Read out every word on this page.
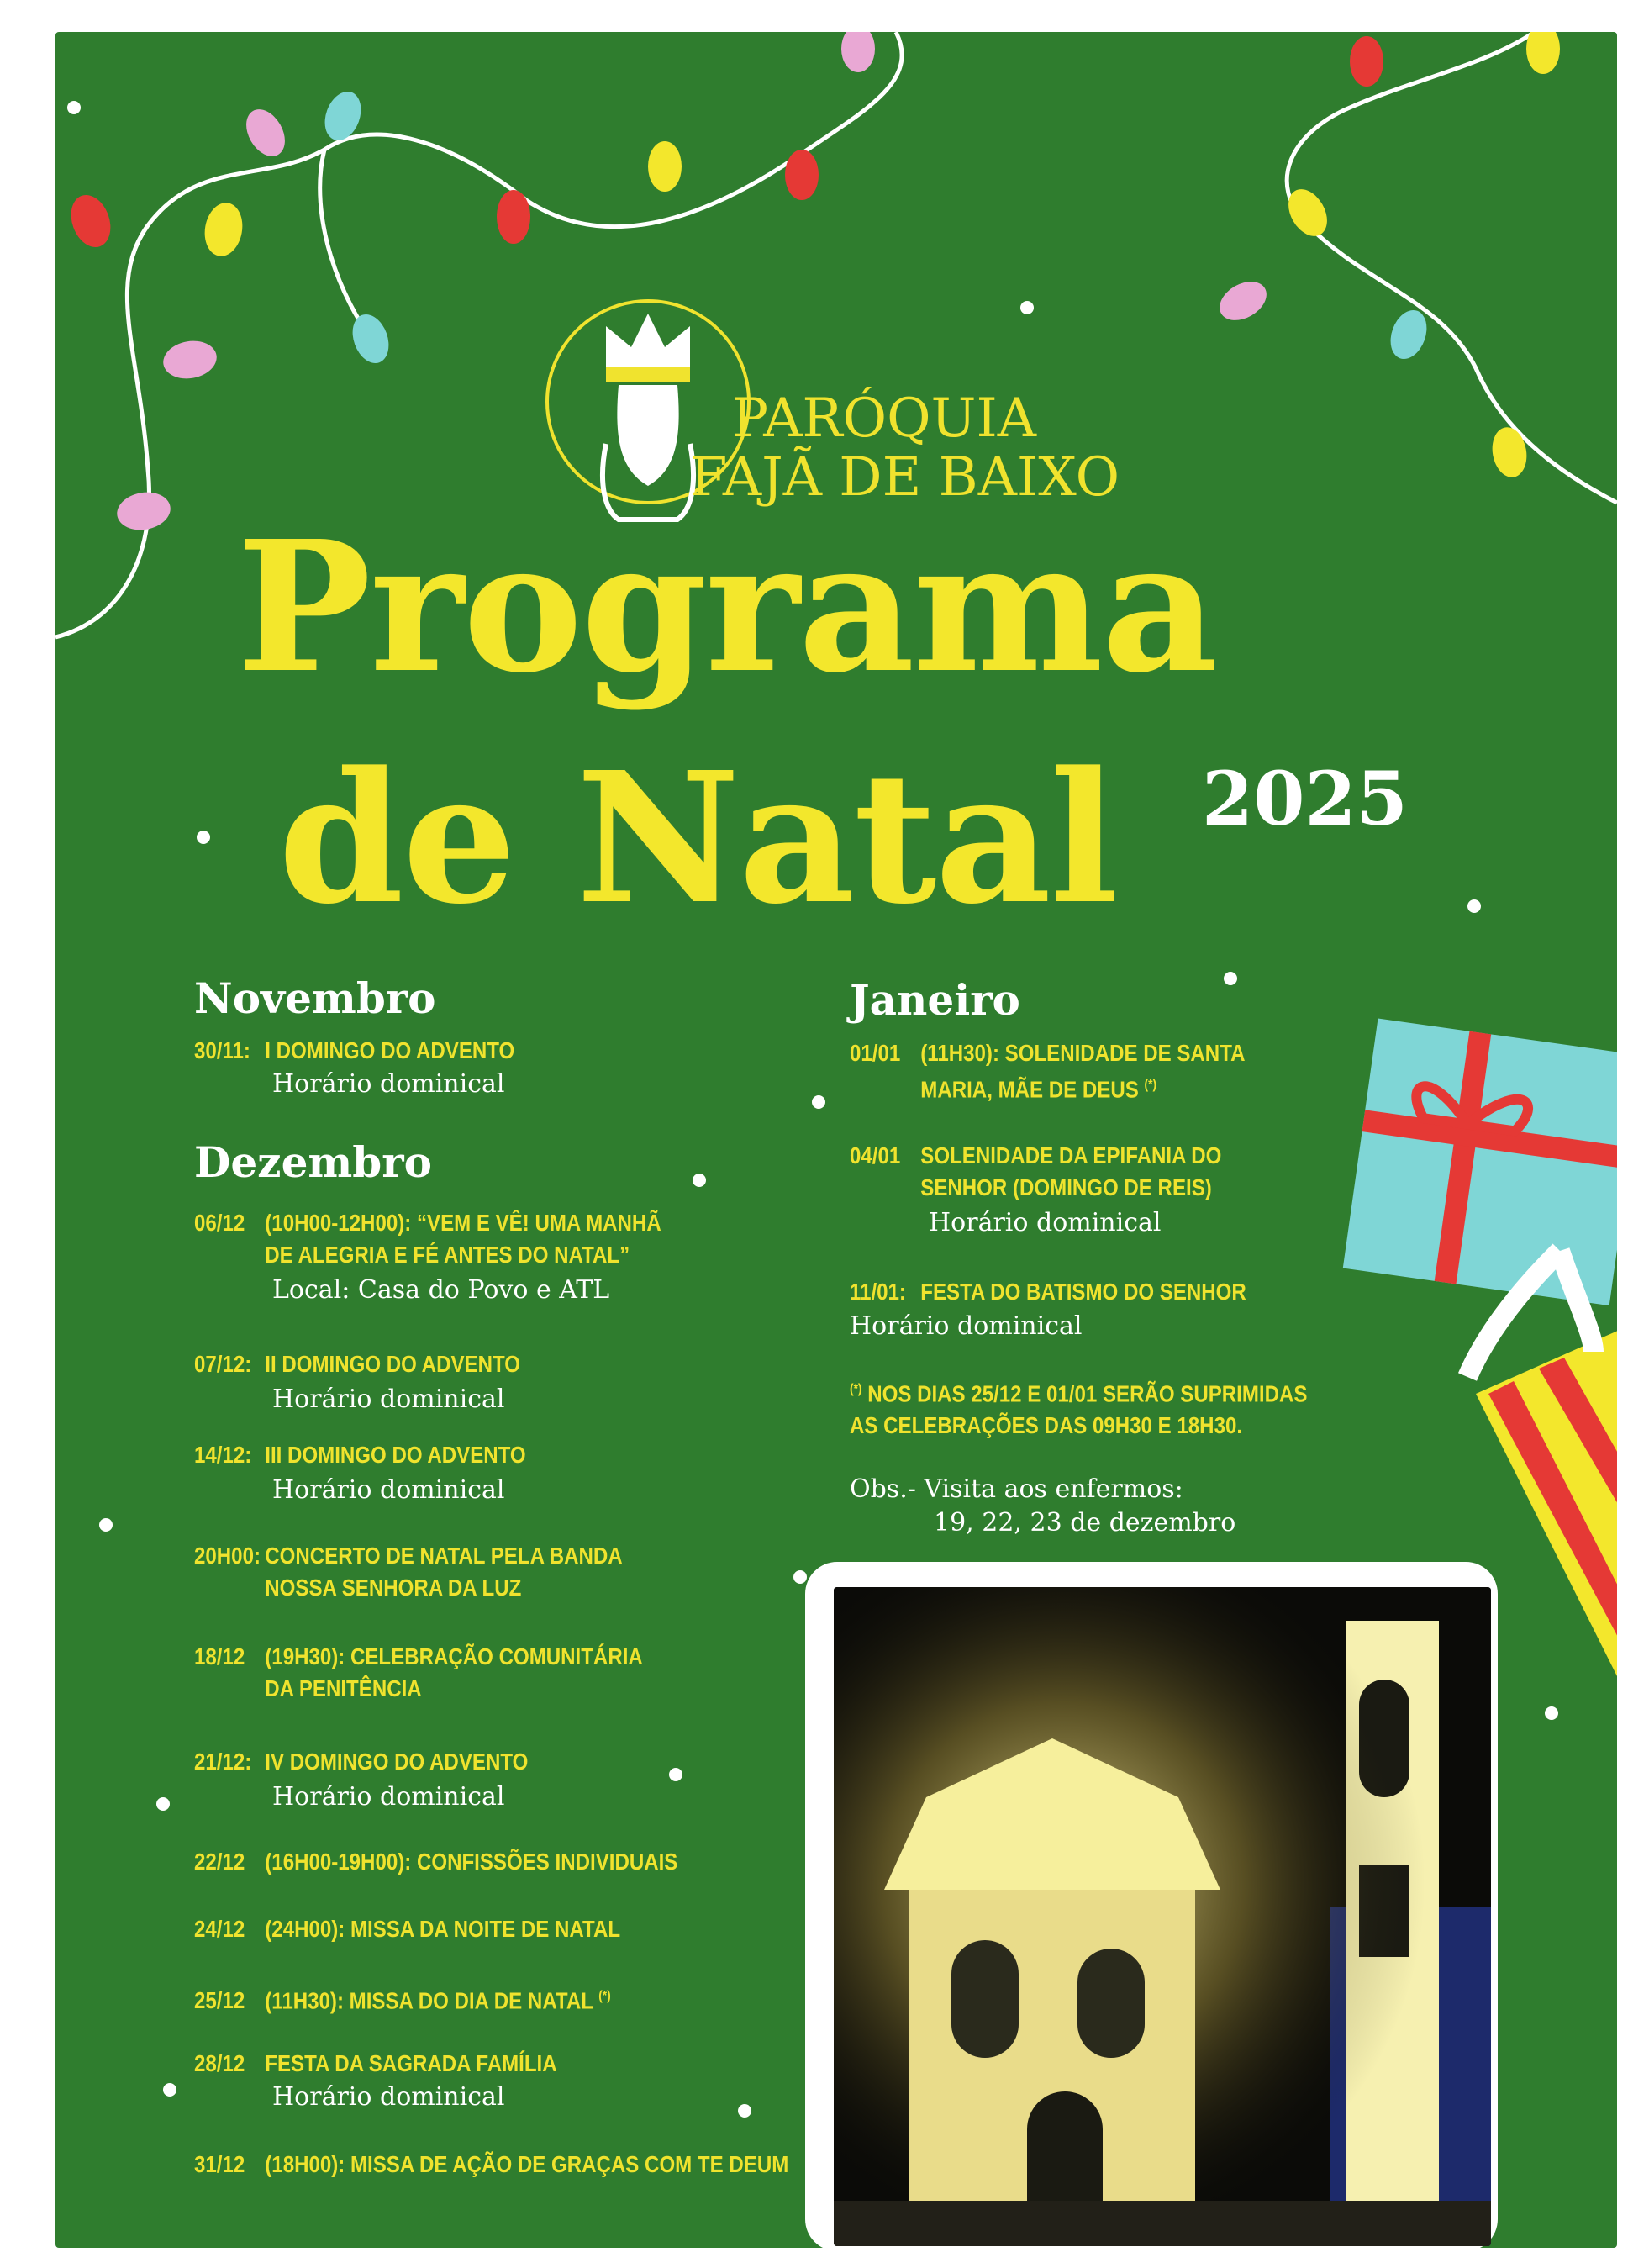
PARÓQUIA
FAJÃ DE BAIXO
Programa
de Natal 2025
Novembro
30/11: I DOMINGO DO ADVENTO
Horário dominical
Dezembro
06/12 (10H00-12H00): “VEM E VÊ! UMA MANHÃ
DE ALEGRIA E FÉ ANTES DO NATAL”
Local: Casa do Povo e ATL
07/12: II DOMINGO DO ADVENTO
Horário dominical
14/12: III DOMINGO DO ADVENTO
Horário dominical
20H00: CONCERTO DE NATAL PELA BANDA
NOSSA SENHORA DA LUZ
18/12 (19H30): CELEBRAÇÃO COMUNITÁRIA
DA PENITÊNCIA
21/12: IV DOMINGO DO ADVENTO
Horário dominical
22/12 (16H00-19H00): CONFISSÕES INDIVIDUAIS
24/12 (24H00): MISSA DA NOITE DE NATAL
25/12 (11H30): MISSA DO DIA DE NATAL (*)
28/12 FESTA DA SAGRADA FAMÍLIA
Horário dominical
31/12 (18H00): MISSA DE AÇÃO DE GRAÇAS COM TE DEUM
Janeiro
01/01 (11H30): SOLENIDADE DE SANTA
MARIA, MÃE DE DEUS (*)
04/01 SOLENIDADE DA EPIFANIA DO
SENHOR (DOMINGO DE REIS)
Horário dominical
11/01: FESTA DO BATISMO DO SENHOR
Horário dominical
(*) NOS DIAS 25/12 E 01/01 SERÃO SUPRIMIDAS
AS CELEBRAÇÕES DAS 09H30 E 18H30.
Obs.- Visita aos enfermos:
19, 22, 23 de dezembro
